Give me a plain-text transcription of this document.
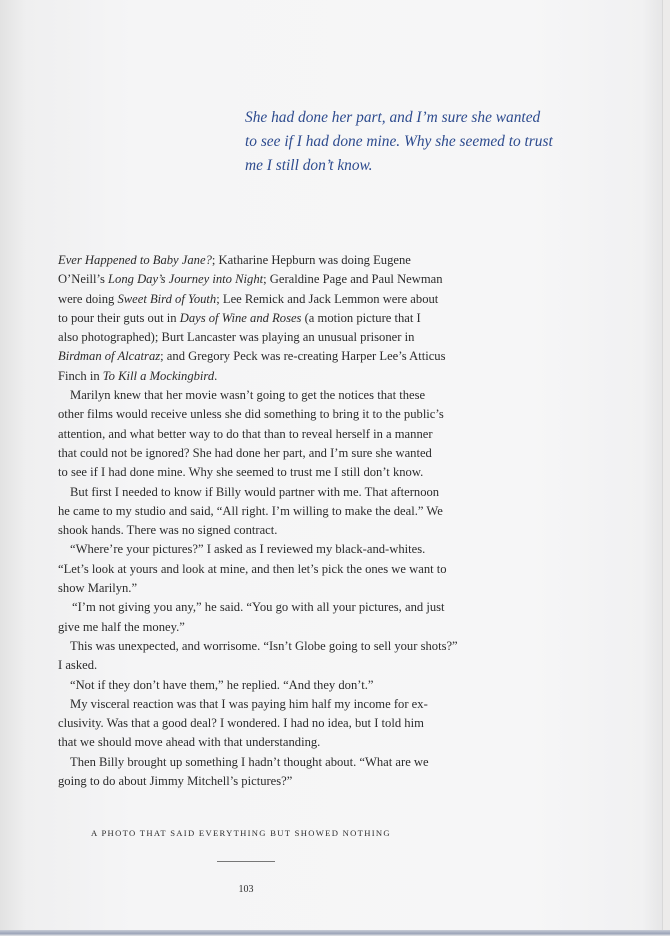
She had done her part, and I’m sure she wanted
to see if I had done mine. Why she seemed to trust
me I still don’t know.
Ever Happened to Baby Jane?; Katharine Hepburn was doing Eugene
O’Neill’s Long Day’s Journey into Night; Geraldine Page and Paul Newman
were doing Sweet Bird of Youth; Lee Remick and Jack Lemmon were about
to pour their guts out in Days of Wine and Roses (a motion picture that I
also photographed); Burt Lancaster was playing an unusual prisoner in
Birdman of Alcatraz; and Gregory Peck was re-creating Harper Lee’s Atticus
Finch in To Kill a Mockingbird.
Marilyn knew that her movie wasn’t going to get the notices that these
other films would receive unless she did something to bring it to the public’s
attention, and what better way to do that than to reveal herself in a manner
that could not be ignored? She had done her part, and I’m sure she wanted
to see if I had done mine. Why she seemed to trust me I still don’t know.
But first I needed to know if Billy would partner with me. That afternoon
he came to my studio and said, “All right. I’m willing to make the deal.” We
shook hands. There was no signed contract.
“Where’re your pictures?” I asked as I reviewed my black-and-whites.
“Let’s look at yours and look at mine, and then let’s pick the ones we want to
show Marilyn.”
“I’m not giving you any,” he said. “You go with all your pictures, and just
give me half the money.”
This was unexpected, and worrisome. “Isn’t Globe going to sell your shots?”
I asked.
“Not if they don’t have them,” he replied. “And they don’t.”
My visceral reaction was that I was paying him half my income for ex-
clusivity. Was that a good deal? I wondered. I had no idea, but I told him
that we should move ahead with that understanding.
Then Billy brought up something I hadn’t thought about. “What are we
going to do about Jimmy Mitchell’s pictures?”
A PHOTO THAT SAID EVERYTHING BUT SHOWED NOTHING
103
